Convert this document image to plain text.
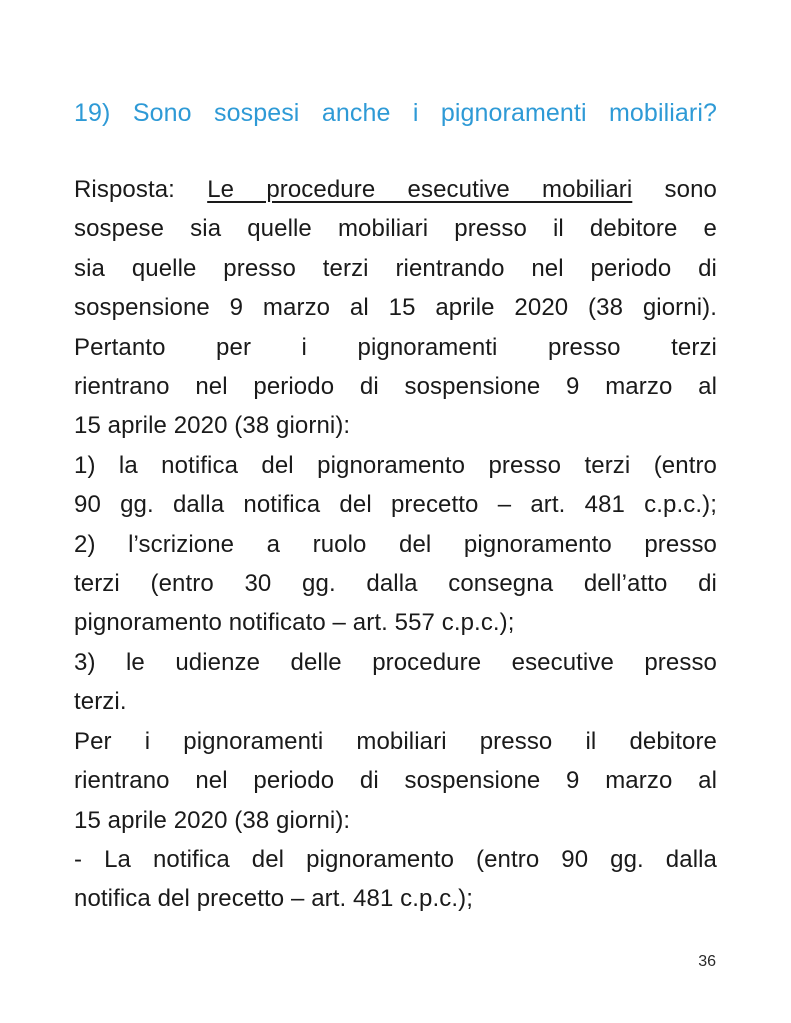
19) Sono sospesi anche i pignoramenti mobiliari?
Risposta: Le procedure esecutive mobiliari sono
sospese sia quelle mobiliari presso il debitore e
sia quelle presso terzi rientrando nel periodo di
sospensione 9 marzo al 15 aprile 2020 (38 giorni).
Pertanto per i pignoramenti presso terzi
rientrano nel periodo di sospensione 9 marzo al
15 aprile 2020 (38 giorni):
1) la notifica del pignoramento presso terzi (entro
90 gg. dalla notifica del precetto – art. 481 c.p.c.);
2) l’scrizione a ruolo del pignoramento presso
terzi (entro 30 gg. dalla consegna dell’atto di
pignoramento notificato – art. 557 c.p.c.);
3) le udienze delle procedure esecutive presso
terzi.
Per i pignoramenti mobiliari presso il debitore
rientrano nel periodo di sospensione 9 marzo al
15 aprile 2020 (38 giorni):
- La notifica del pignoramento (entro 90 gg. dalla
notifica del precetto – art. 481 c.p.c.);
36
